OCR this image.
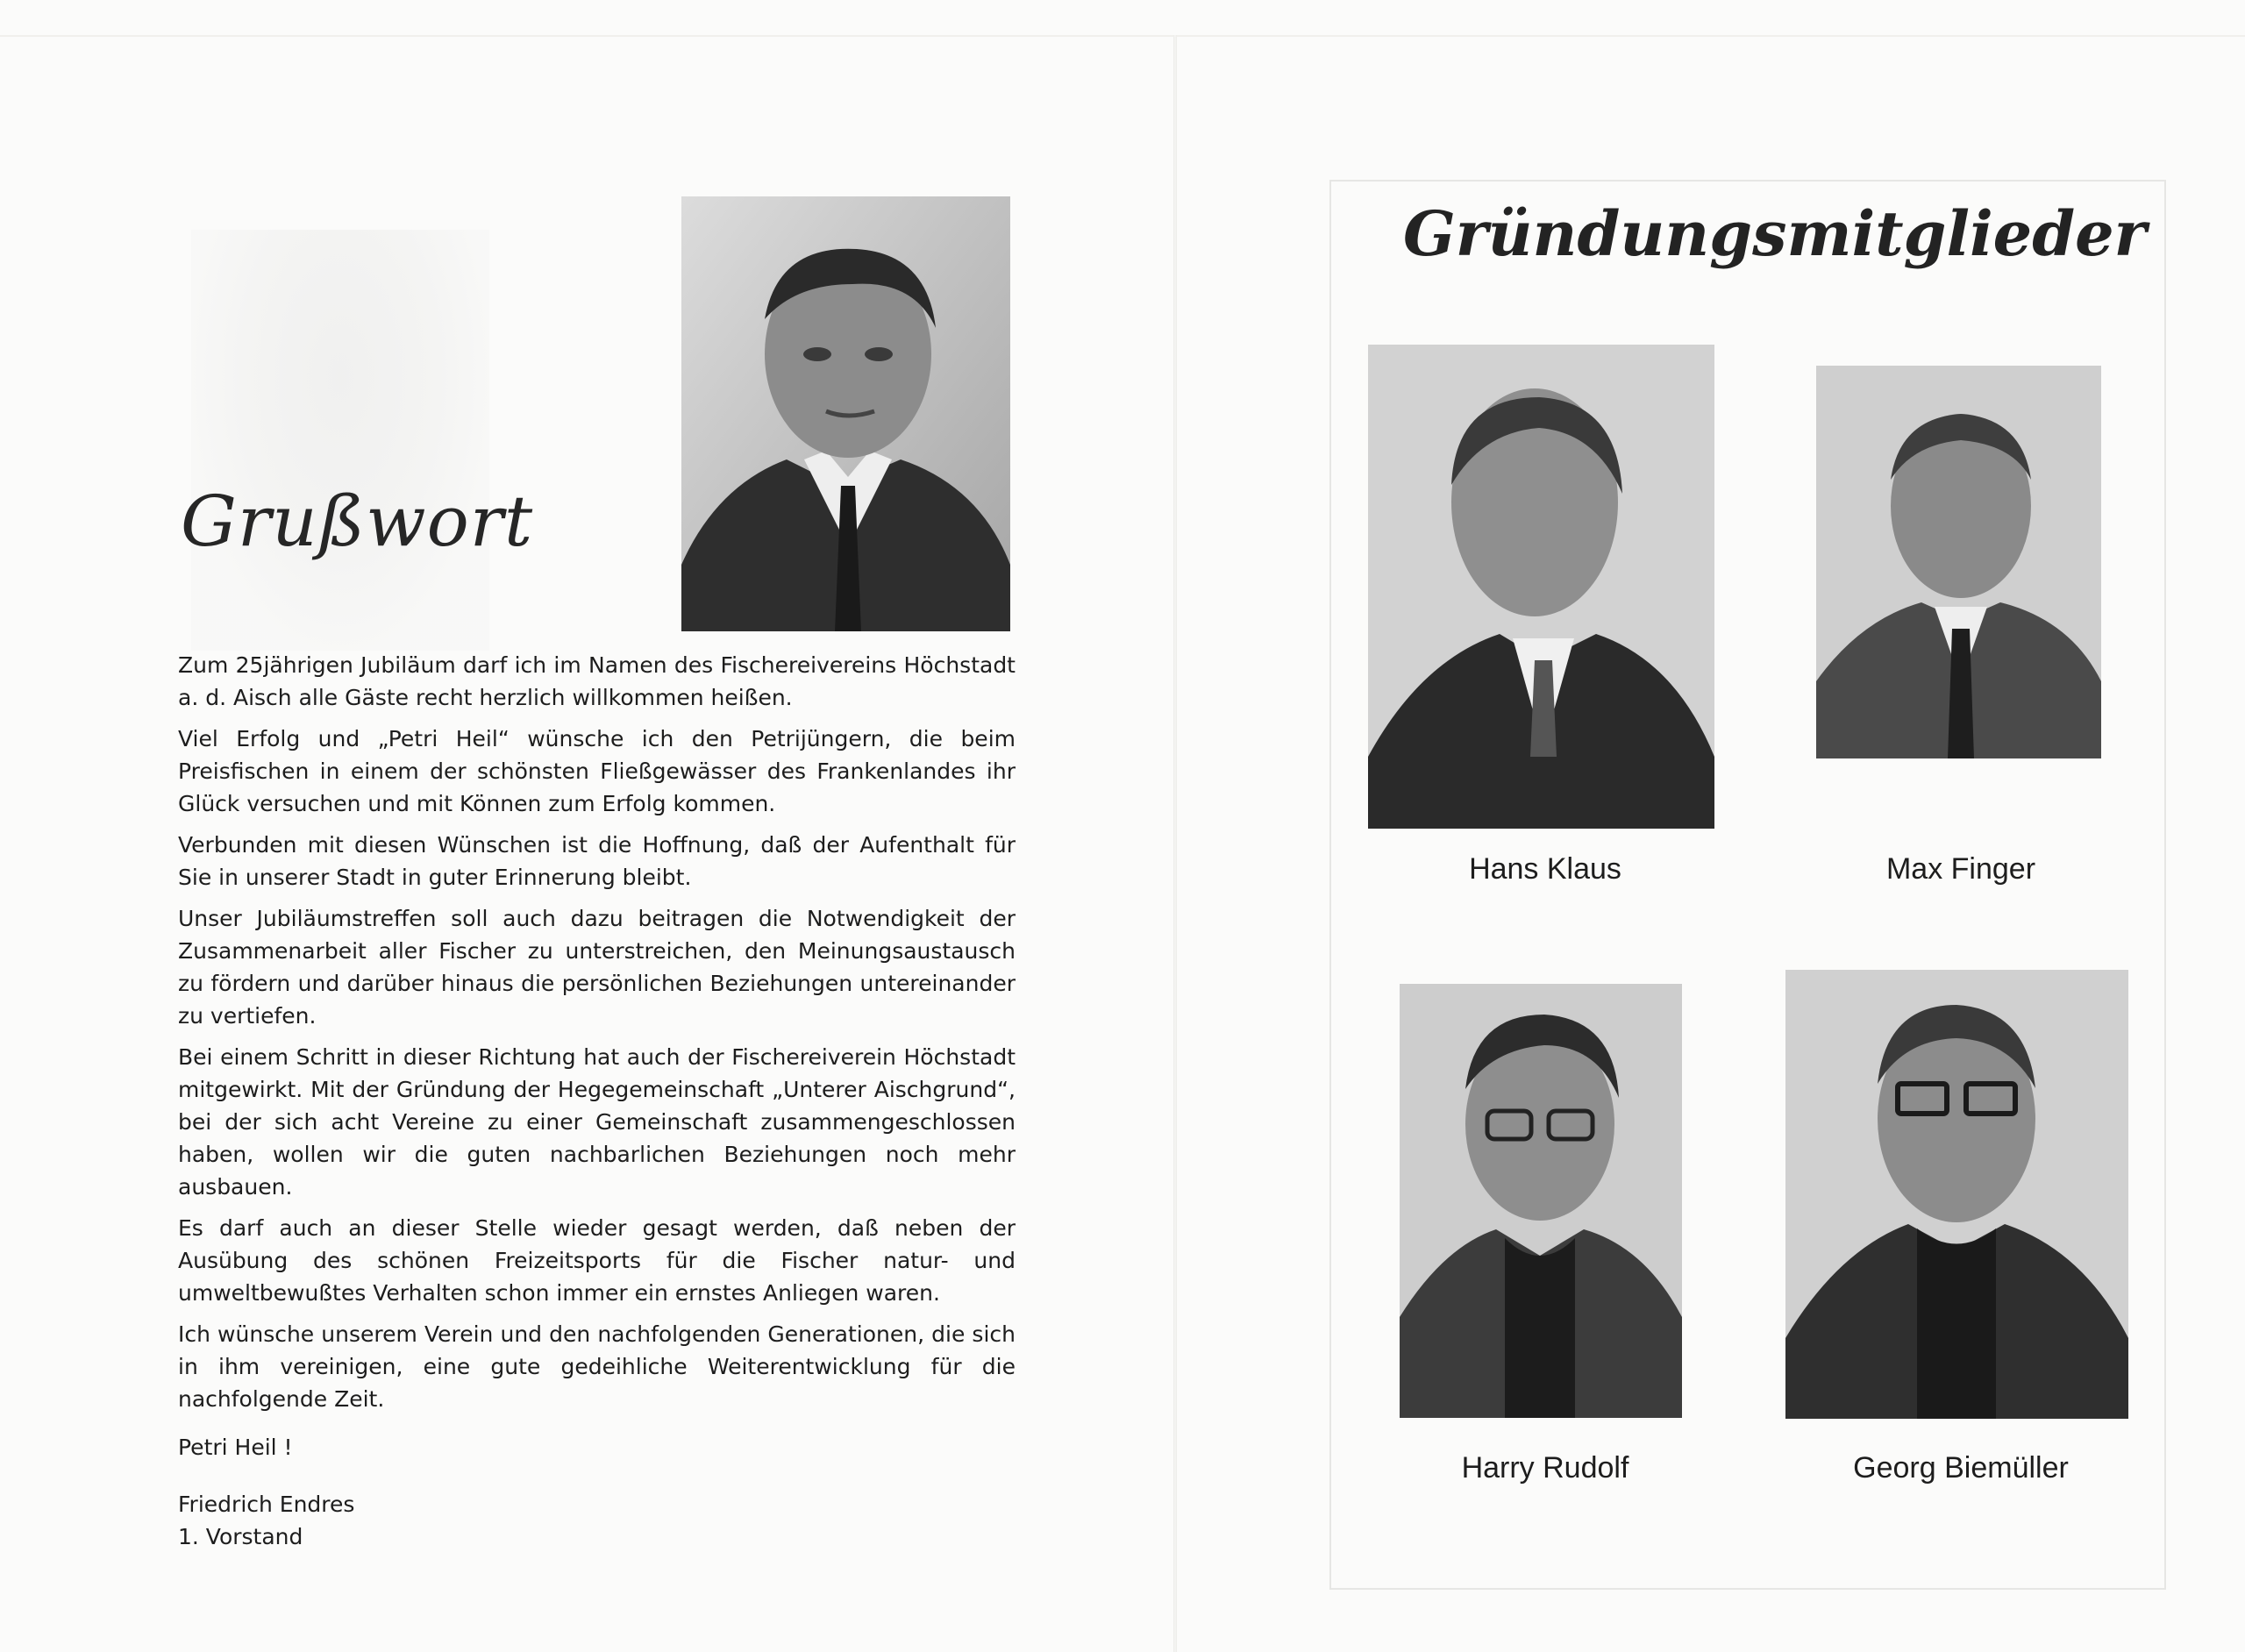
Grußwort

Zum 25jährigen Jubiläum darf ich im Namen des Fischereivereins Höchstadt a. d. Aisch alle Gäste recht herzlich willkommen heißen.

Viel Erfolg und „Petri Heil“ wünsche ich den Petrijüngern, die beim Preisfischen in einem der schönsten Fließgewässer des Frankenlandes ihr Glück versuchen und mit Können zum Erfolg kommen.

Verbunden mit diesen Wünschen ist die Hoffnung, daß der Aufenthalt für Sie in unserer Stadt in guter Erinnerung bleibt.

Unser Jubiläumstreffen soll auch dazu beitragen die Notwendigkeit der Zusammenarbeit aller Fischer zu unterstreichen, den Meinungsaustausch zu fördern und darüber hinaus die persönlichen Beziehungen untereinander zu vertiefen.

Bei einem Schritt in dieser Richtung hat auch der Fischereiverein Höchstadt mitgewirkt. Mit der Gründung der Hegegemeinschaft „Unterer Aischgrund“, bei der sich acht Vereine zu einer Gemeinschaft zusammengeschlossen haben, wollen wir die guten nachbarlichen Beziehungen noch mehr ausbauen.

Es darf auch an dieser Stelle wieder gesagt werden, daß neben der Ausübung des schönen Freizeitsports für die Fischer natur- und umweltbewußtes Verhalten schon immer ein ernstes Anliegen waren.

Ich wünsche unserem Verein und den nachfolgenden Generationen, die sich in ihm vereinigen, eine gute gedeihliche Weiterentwicklung für die nachfolgende Zeit.

Petri Heil !

Friedrich Endres
1. Vorstand
Gründungsmitglieder
Hans Klaus	Max Finger
Harry Rudolf	Georg Biemüller
